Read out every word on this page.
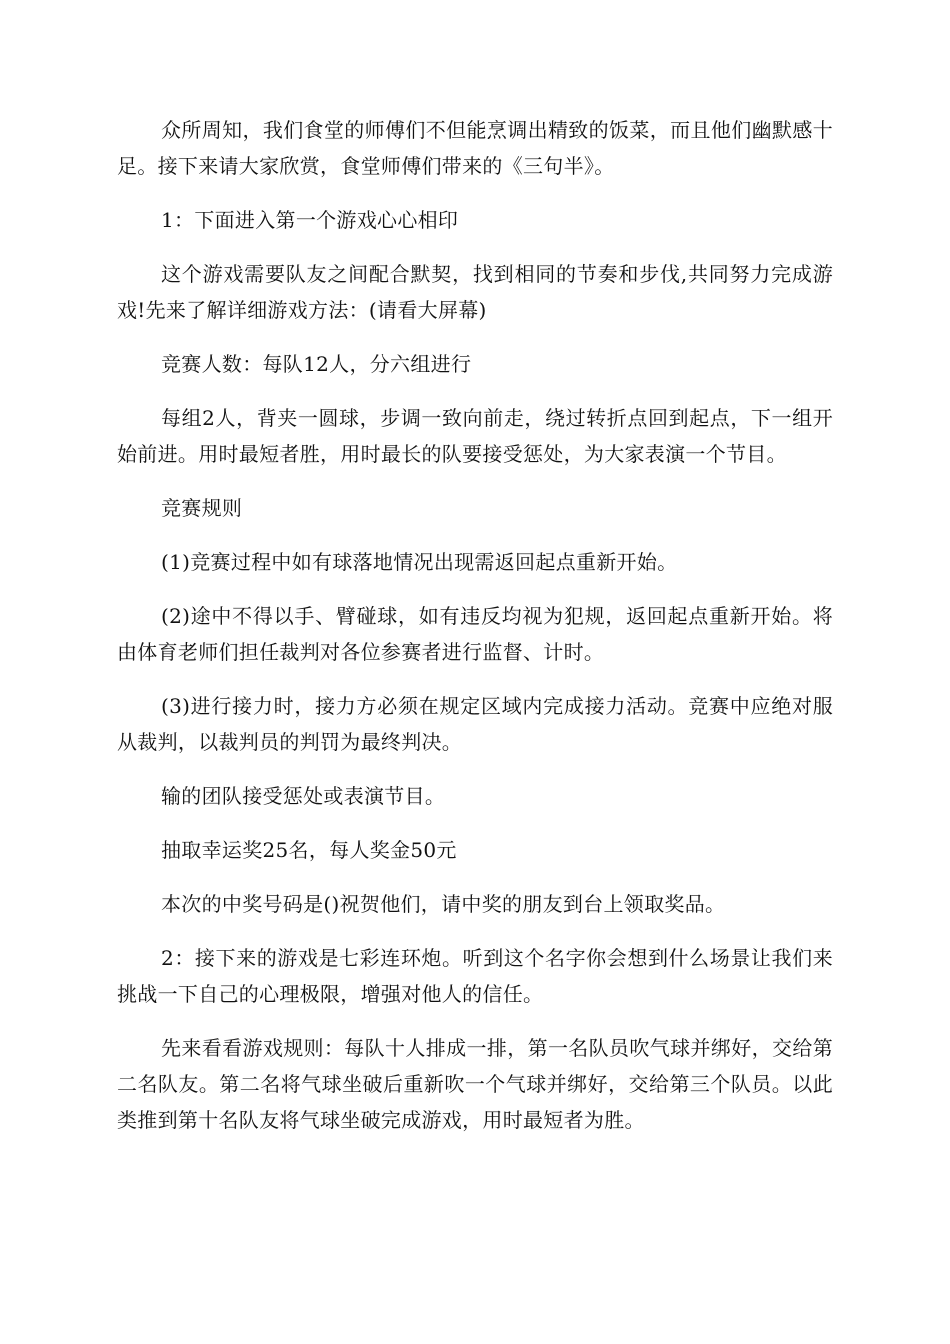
众所周知，我们食堂的师傅们不但能烹调出精致的饭菜，而且他们幽默感十足。接下来请大家欣赏，食堂师傅们带来的《三句半》。

1：下面进入第一个游戏心心相印

这个游戏需要队友之间配合默契，找到相同的节奏和步伐,共同努力完成游戏!先来了解详细游戏方法：(请看大屏幕)

竞赛人数：每队12人，分六组进行

每组2人，背夹一圆球，步调一致向前走，绕过转折点回到起点，下一组开始前进。用时最短者胜，用时最长的队要接受惩处，为大家表演一个节目。

竞赛规则

(1)竞赛过程中如有球落地情况出现需返回起点重新开始。

(2)途中不得以手、臂碰球，如有违反均视为犯规，返回起点重新开始。将由体育老师们担任裁判对各位参赛者进行监督、计时。

(3)进行接力时，接力方必须在规定区域内完成接力活动。竞赛中应绝对服从裁判，以裁判员的判罚为最终判决。

输的团队接受惩处或表演节目。

抽取幸运奖25名，每人奖金50元

本次的中奖号码是()祝贺他们，请中奖的朋友到台上领取奖品。

2：接下来的游戏是七彩连环炮。听到这个名字你会想到什么场景让我们来挑战一下自己的心理极限，增强对他人的信任。

先来看看游戏规则：每队十人排成一排，第一名队员吹气球并绑好，交给第二名队友。第二名将气球坐破后重新吹一个气球并绑好，交给第三个队员。以此类推到第十名队友将气球坐破完成游戏，用时最短者为胜。
